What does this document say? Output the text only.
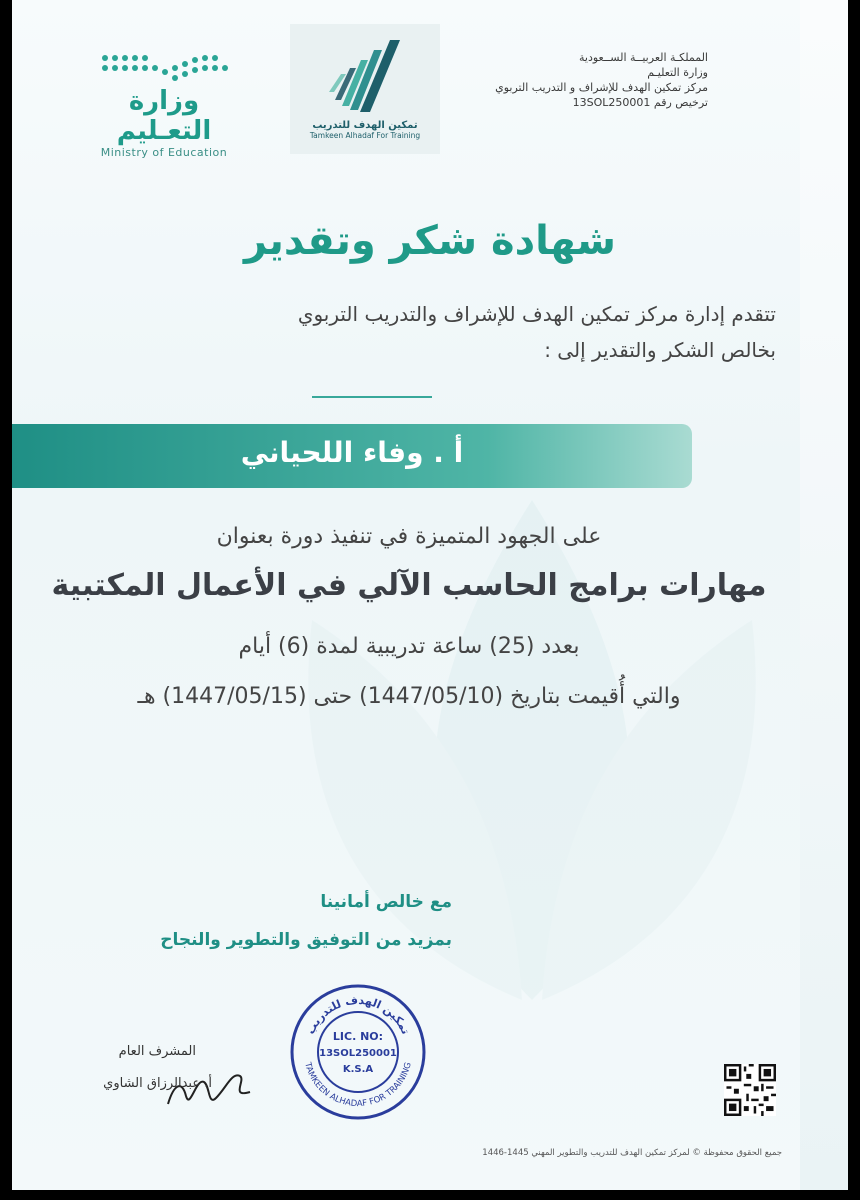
وزارة التعـليم
Ministry of Education
تمكين الهدف للتدريب
Tamkeen Alhadaf For Training
المملكـة العربيــة الســعودية
وزارة التعليـم
مركز تمكين الهدف للإشراف و التدريب التربوي
ترخيص رقم 13SOL250001
شهادة شكر وتقدير
تتقدم إدارة مركز تمكين الهدف للإشراف والتدريب التربوي
بخالص الشكر والتقدير إلى :
أ . وفاء اللحياني
على الجهود المتميزة في تنفيذ دورة بعنوان
مهارات برامج الحاسب الآلي في الأعمال المكتبية
بعدد (25) ساعة تدريبية لمدة (6) أيام
والتي أُقيمت بتاريخ (1447/05/10) حتى (1447/05/15) هـ
مع خالص أمانينا
بمزيد من التوفيق والتطوير والنجاح
تمكين الهدف للتدريب
TAMKEEN ALHADAF FOR TRAINING
LIC. NO:
13SOL250001
K.S.A
المشرف العام
أ. عبدالرزاق الشاوي
جميع الحقوق محفوظة © لمركز تمكين الهدف للتدريب والتطوير المهني 1445-1446
